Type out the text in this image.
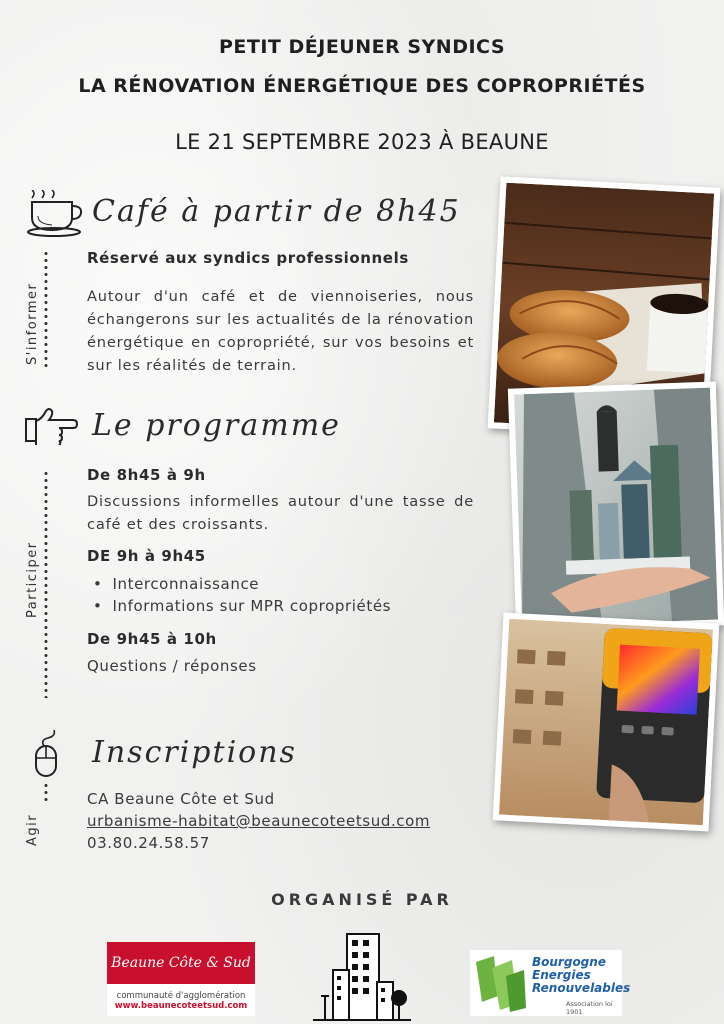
PETIT DÉJEUNER SYNDICS
LA RÉNOVATION ÉNERGÉTIQUE DES COPROPRIÉTÉS
LE 21 SEPTEMBRE 2023 À BEAUNE
Café à partir de 8h45
S'informer
Réservé aux syndics professionnels
Autour d'un café et de viennoiseries, nous échangerons sur les actualités de la rénovation énergétique en copropriété, sur vos besoins et sur les réalités de terrain.
Le programme
Participer
De 8h45 à 9h
Discussions informelles autour d'une tasse de café et des croissants.
DE 9h à 9h45
• Interconnaissance
• Informations sur MPR copropriétés
De 9h45 à 10h
Questions / réponses
Inscriptions
Agir
CA Beaune Côte et Sud
urbanisme-habitat@beaunecoteetsud.com
03.80.24.58.57
ORGANISÉ PAR
Beaune Côte & Sud
communauté d'agglomération
www.beaunecoteetsud.com
Bourgogne
Energies
Renouvelables
Association loi 1901
